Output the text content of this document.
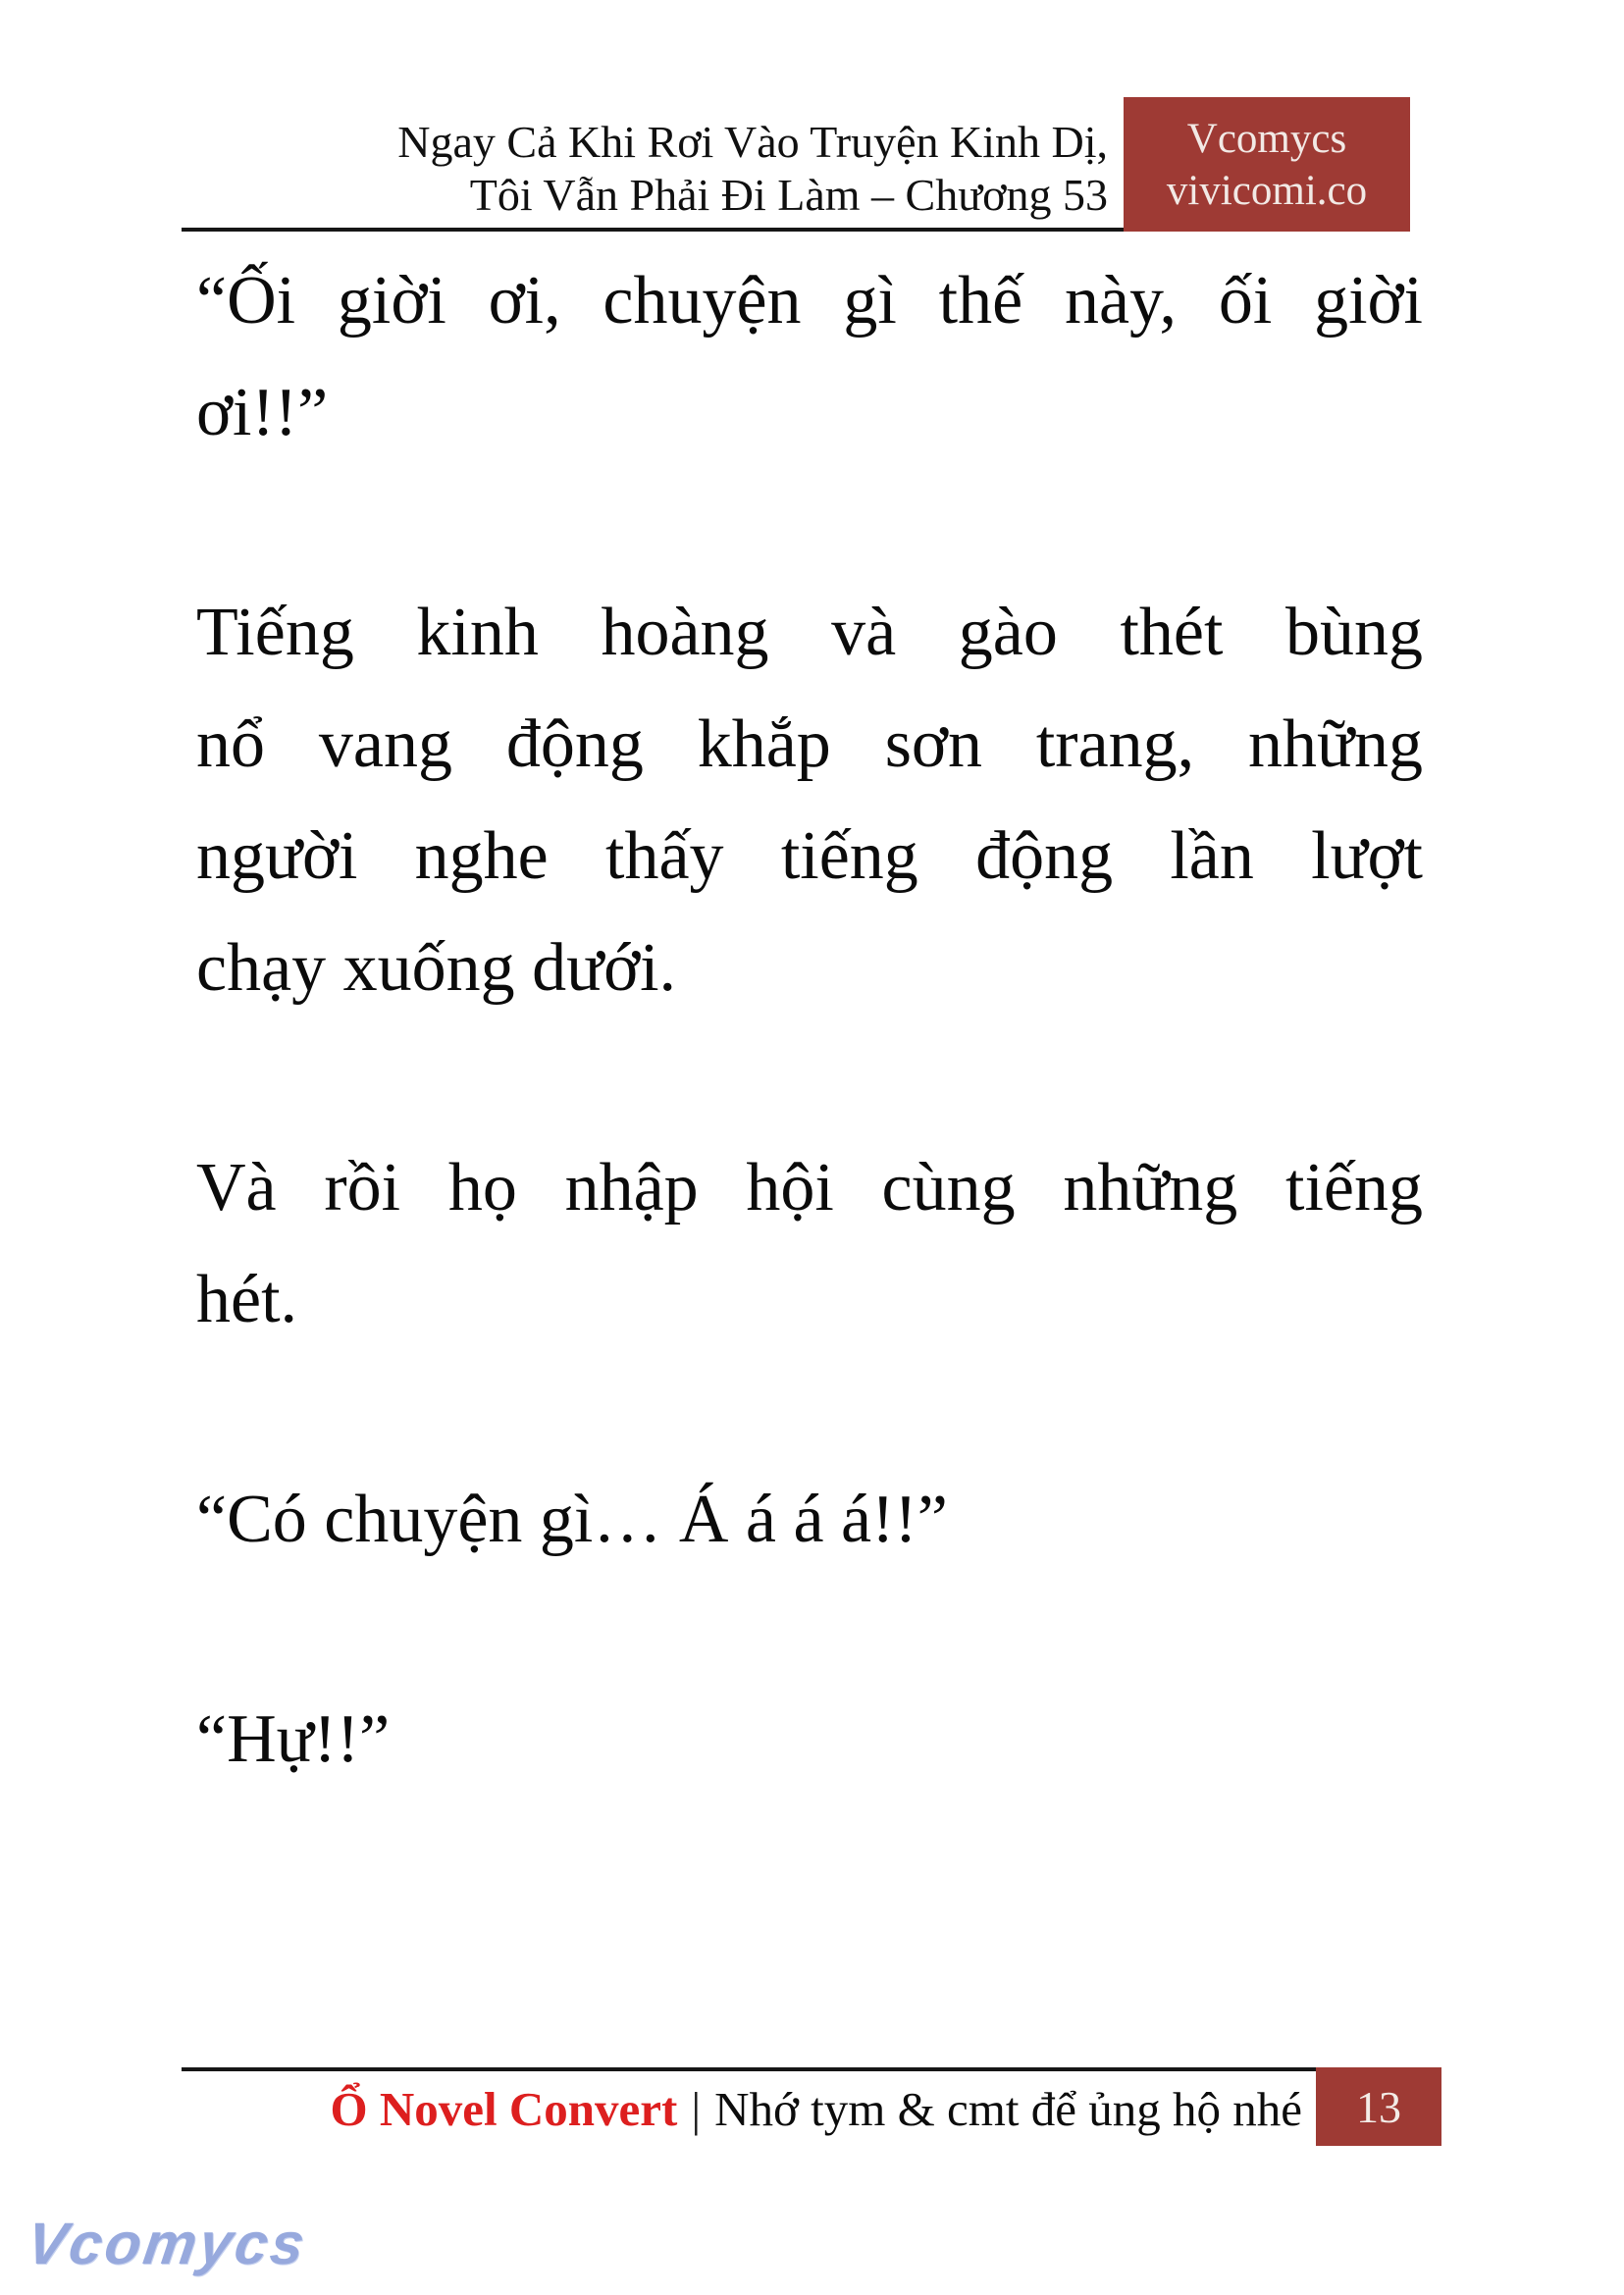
Ngay Cả Khi Rơi Vào Truyện Kinh Dị,
Tôi Vẫn Phải Đi Làm – Chương 53
Vcomycs
vivicomi.co
“Ối giời ơi, chuyện gì thế này, ối giời
ơi!!”
Tiếng kinh hoàng và gào thét bùng
nổ vang động khắp sơn trang, những
người nghe thấy tiếng động lần lượt
chạy xuống dưới.
Và rồi họ nhập hội cùng những tiếng
hét.
“Có chuyện gì… Á á á á!!”
“Hự!!”
Ổ Novel Convert | Nhớ tym & cmt để ủng hộ nhé	13
Vcomycs
